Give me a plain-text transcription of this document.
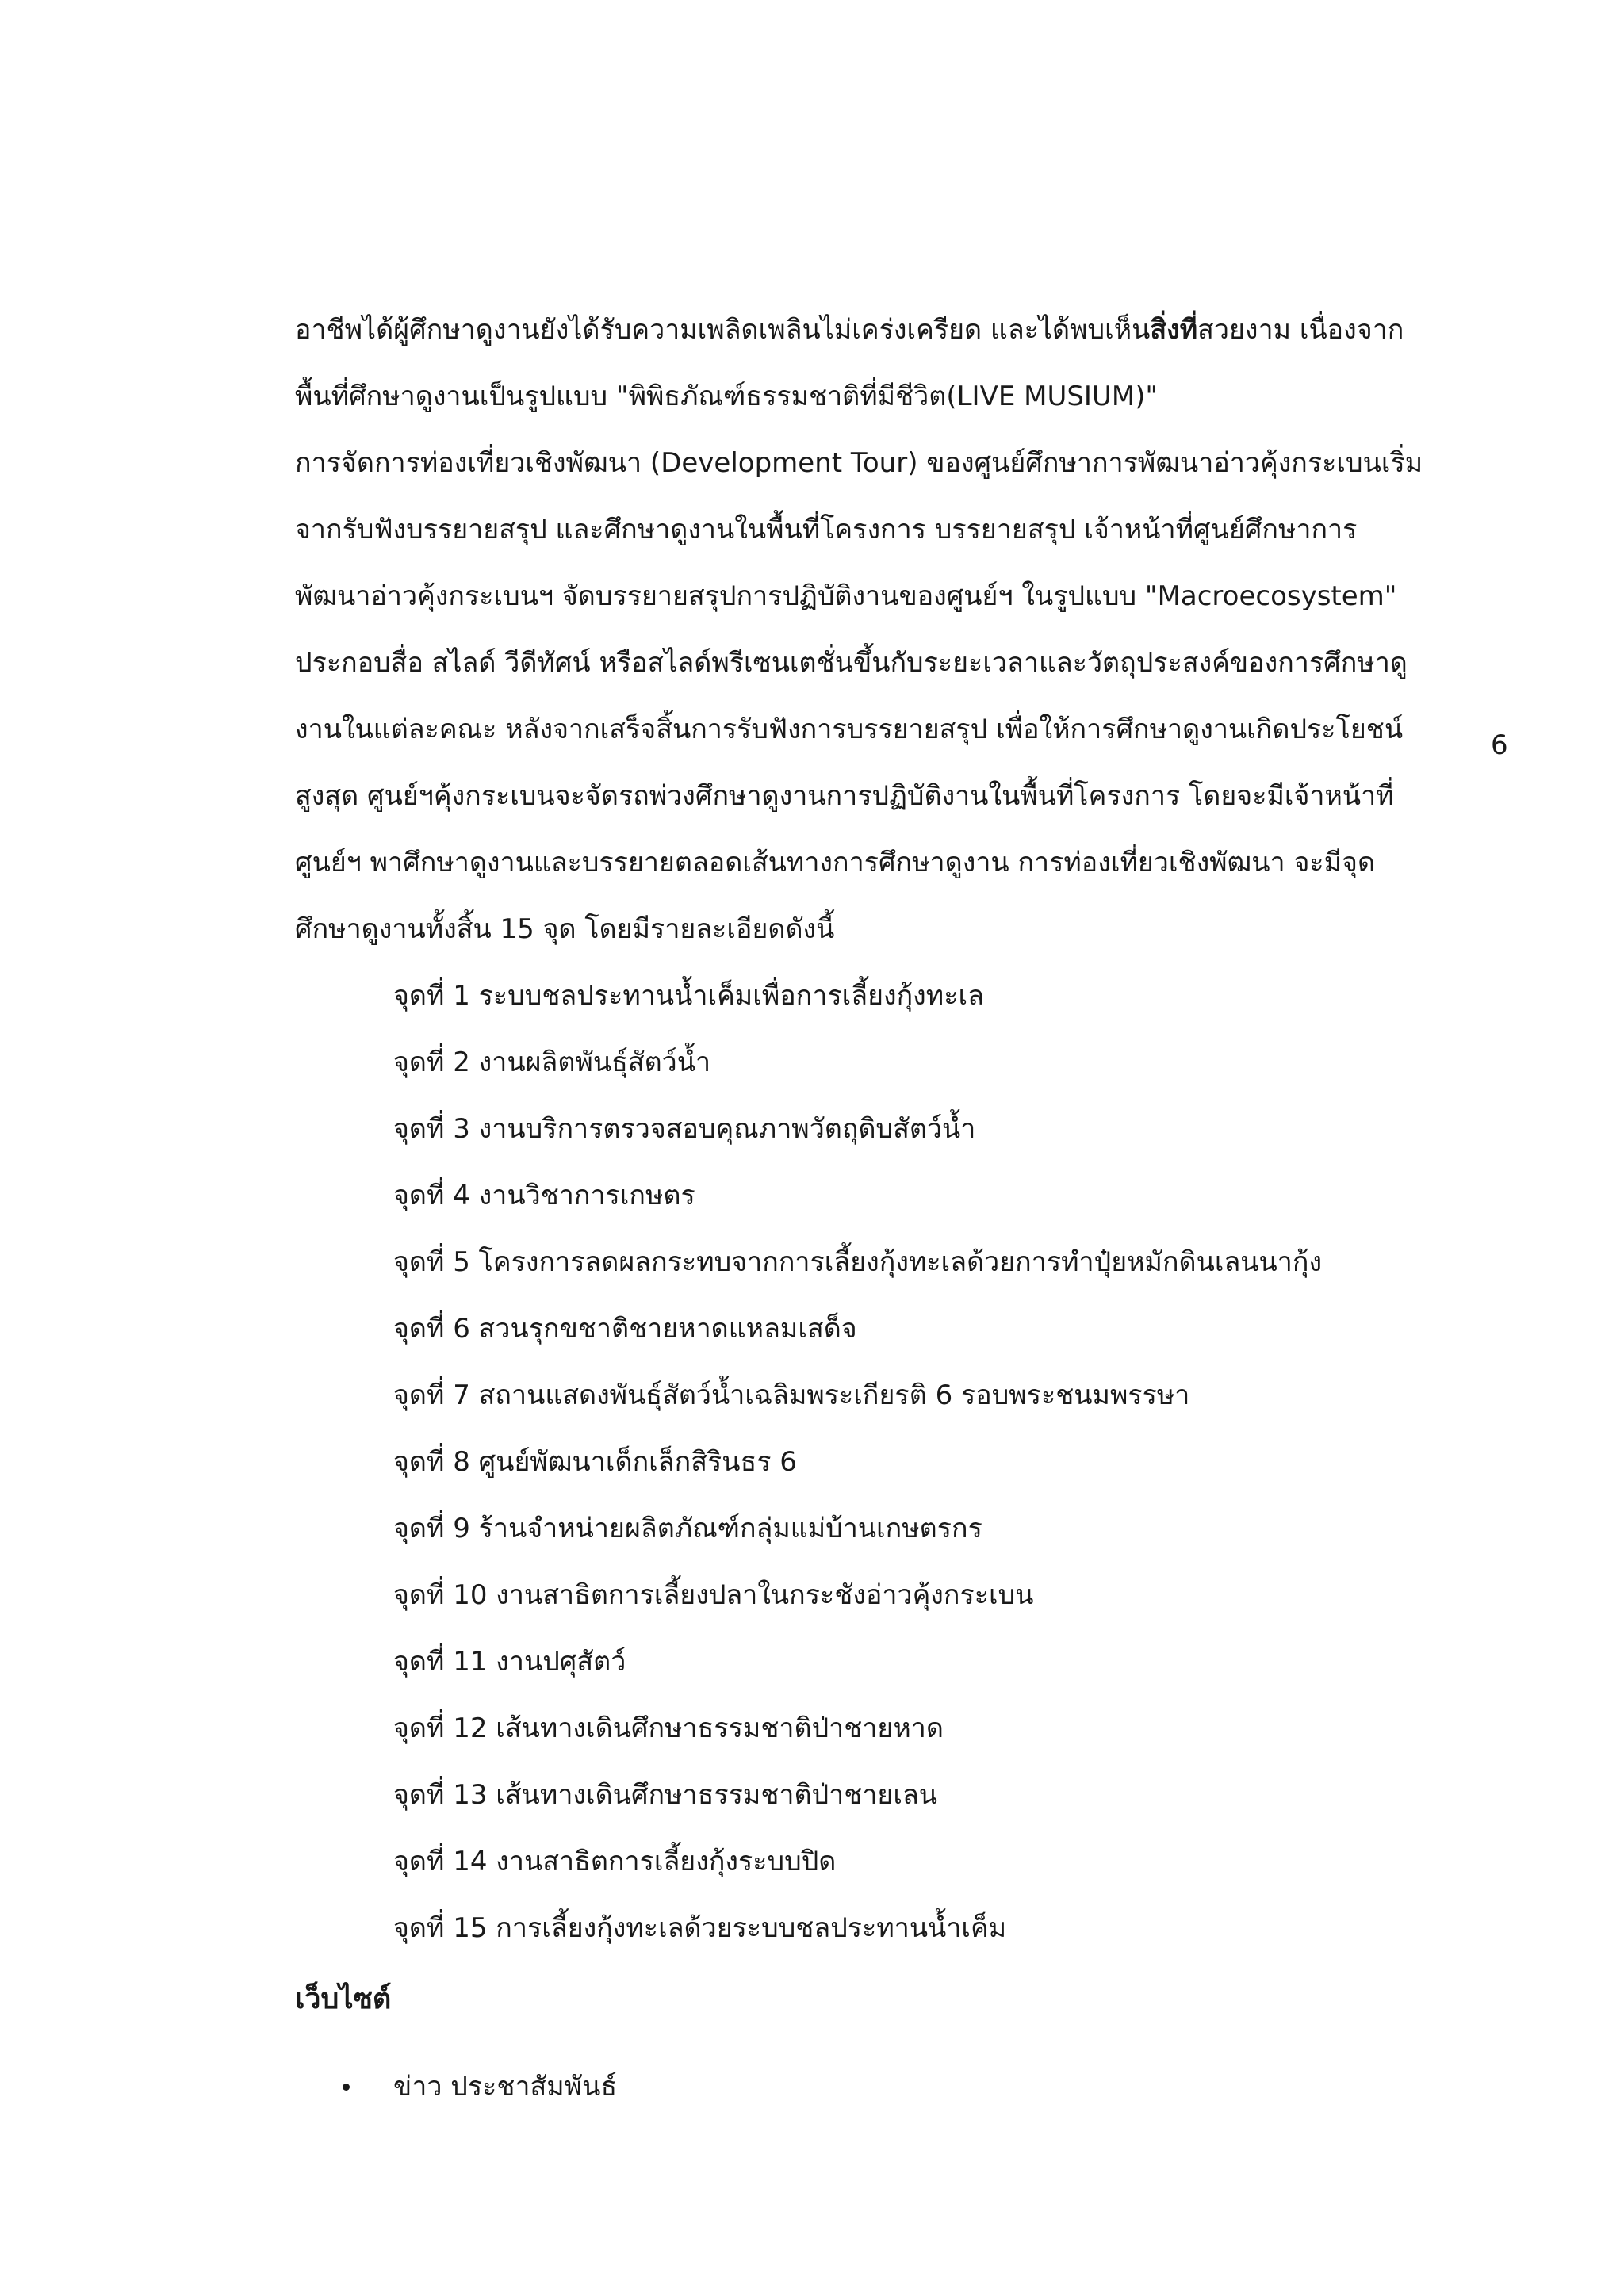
6

อาชีพได้ผู้ศึกษาดูงานยังได้รับความเพลิดเพลินไม่เคร่งเครียด และได้พบเห็นสิ่งที่สวยงาม เนื่องจาก

พื้นที่ศึกษาดูงานเป็นรูปแบบ "พิพิธภัณฑ์ธรรมชาติที่มีชีวิต(LIVE MUSIUM)"

การจัดการท่องเที่ยวเชิงพัฒนา (Development Tour) ของศูนย์ศึกษาการพัฒนาอ่าวคุ้งกระเบนเริ่ม

จากรับฟังบรรยายสรุป และศึกษาดูงานในพื้นที่โครงการ บรรยายสรุป เจ้าหน้าที่ศูนย์ศึกษาการ

พัฒนาอ่าวคุ้งกระเบนฯ จัดบรรยายสรุปการปฏิบัติงานของศูนย์ฯ ในรูปแบบ "Macroecosystem"

ประกอบสื่อ สไลด์ วีดีทัศน์ หรือสไลด์พรีเซนเตชั่นขึ้นกับระยะเวลาและวัตถุประสงค์ของการศึกษาดู

งานในแต่ละคณะ หลังจากเสร็จสิ้นการรับฟังการบรรยายสรุป เพื่อให้การศึกษาดูงานเกิดประโยชน์

สูงสุด ศูนย์ฯคุ้งกระเบนจะจัดรถพ่วงศึกษาดูงานการปฏิบัติงานในพื้นที่โครงการ โดยจะมีเจ้าหน้าที่

ศูนย์ฯ พาศึกษาดูงานและบรรยายตลอดเส้นทางการศึกษาดูงาน การท่องเที่ยวเชิงพัฒนา จะมีจุด

ศึกษาดูงานทั้งสิ้น 15 จุด โดยมีรายละเอียดดังนี้

จุดที่ 1 ระบบชลประทานน้ำเค็มเพื่อการเลี้ยงกุ้งทะเล
จุดที่ 2 งานผลิตพันธุ์สัตว์น้ำ
จุดที่ 3 งานบริการตรวจสอบคุณภาพวัตถุดิบสัตว์น้ำ
จุดที่ 4 งานวิชาการเกษตร
จุดที่ 5 โครงการลดผลกระทบจากการเลี้ยงกุ้งทะเลด้วยการทำปุ๋ยหมักดินเลนนากุ้ง
จุดที่ 6 สวนรุกขชาติชายหาดแหลมเสด็จ
จุดที่ 7 สถานแสดงพันธุ์สัตว์น้ำเฉลิมพระเกียรติ 6 รอบพระชนมพรรษา
จุดที่ 8 ศูนย์พัฒนาเด็กเล็กสิรินธร 6
จุดที่ 9 ร้านจำหน่ายผลิตภัณฑ์กลุ่มแม่บ้านเกษตรกร
จุดที่ 10 งานสาธิตการเลี้ยงปลาในกระชังอ่าวคุ้งกระเบน
จุดที่ 11 งานปศุสัตว์
จุดที่ 12 เส้นทางเดินศึกษาธรรมชาติป่าชายหาด
จุดที่ 13 เส้นทางเดินศึกษาธรรมชาติป่าชายเลน
จุดที่ 14 งานสาธิตการเลี้ยงกุ้งระบบปิด
จุดที่ 15 การเลี้ยงกุ้งทะเลด้วยระบบชลประทานน้ำเค็ม
เว็บไซต์
ข่าว ประชาสัมพันธ์
